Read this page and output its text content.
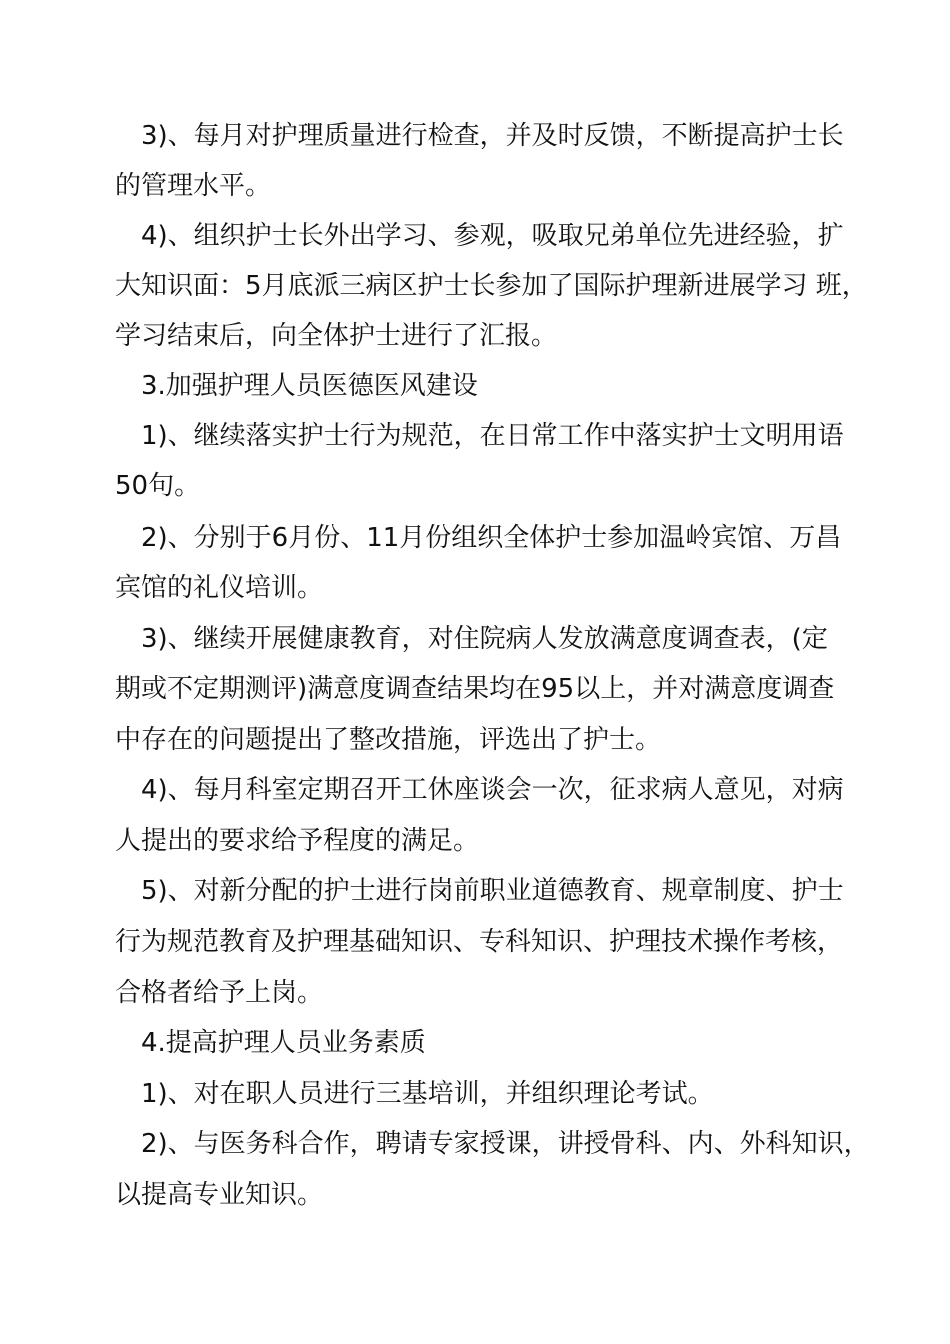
3)、每月对护理质量进行检查，并及时反馈，不断提高护士长
的管理水平。
4)、组织护士长外出学习、参观，吸取兄弟单位先进经验，扩
大知识面：5月底派三病区护士长参加了国际护理新进展学习 班，
学习结束后，向全体护士进行了汇报。
3.加强护理人员医德医风建设
1)、继续落实护士行为规范，在日常工作中落实护士文明用语
50句。
2)、分别于6月份、11月份组织全体护士参加温岭宾馆、万昌
宾馆的礼仪培训。
3)、继续开展健康教育，对住院病人发放满意度调查表，(定
期或不定期测评)满意度调查结果均在95以上，并对满意度调查
中存在的问题提出了整改措施，评选出了护士。
4)、每月科室定期召开工休座谈会一次，征求病人意见，对病
人提出的要求给予程度的满足。
5)、对新分配的护士进行岗前职业道德教育、规章制度、护士
行为规范教育及护理基础知识、专科知识、护理技术操作考核，
合格者给予上岗。
4.提高护理人员业务素质
1)、对在职人员进行三基培训，并组织理论考试。
2)、与医务科合作，聘请专家授课，讲授骨科、内、外科知识，
以提高专业知识。
